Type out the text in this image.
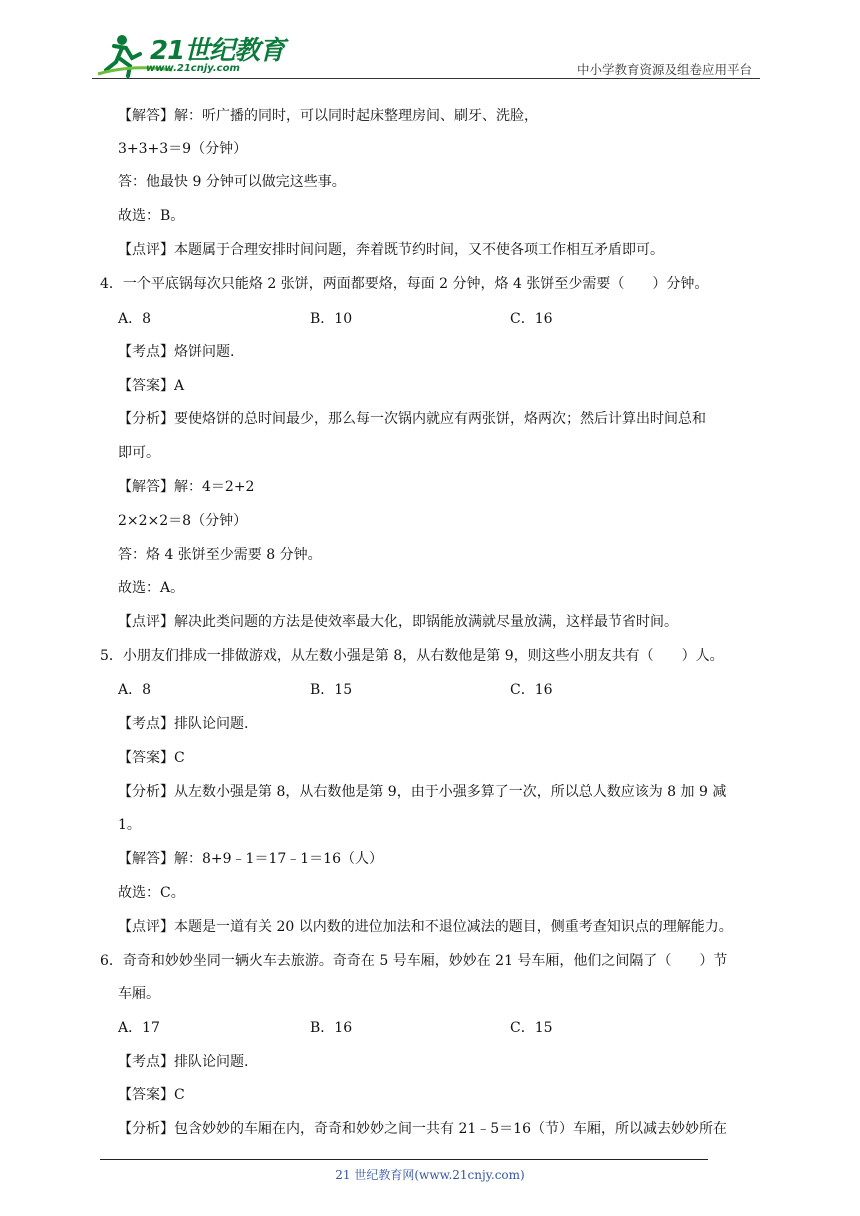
21世纪教育
www.21cnjy.com	中小学教育资源及组卷应用平台
【解答】解：听广播的同时，可以同时起床整理房间、刷牙、洗脸，
3+3+3＝9（分钟）
答：他最快 9 分钟可以做完这些事。
故选：B。
【点评】本题属于合理安排时间问题，奔着既节约时间，又不使各项工作相互矛盾即可。
4．一个平底锅每次只能烙 2 张饼，两面都要烙，每面 2 分钟，烙 4 张饼至少需要（　　）分钟。
A．8	B．10	C．16
【考点】烙饼问题.
【答案】A
【分析】要使烙饼的总时间最少，那么每一次锅内就应有两张饼，烙两次；然后计算出时间总和
即可。
【解答】解：4＝2+2
2×2×2＝8（分钟）
答：烙 4 张饼至少需要 8 分钟。
故选：A。
【点评】解决此类问题的方法是使效率最大化，即锅能放满就尽量放满，这样最节省时间。
5．小朋友们排成一排做游戏，从左数小强是第 8，从右数他是第 9，则这些小朋友共有（　　）人。
A．8	B．15	C．16
【考点】排队论问题.
【答案】C
【分析】从左数小强是第 8，从右数他是第 9，由于小强多算了一次，所以总人数应该为 8 加 9 减
1。
【解答】解：8+9﹣1＝17﹣1＝16（人）
故选：C。
【点评】本题是一道有关 20 以内数的进位加法和不退位减法的题目，侧重考查知识点的理解能力。
6．奇奇和妙妙坐同一辆火车去旅游。奇奇在 5 号车厢，妙妙在 21 号车厢，他们之间隔了（　　）节
车厢。
A．17	B．16	C．15
【考点】排队论问题.
【答案】C
【分析】包含妙妙的车厢在内，奇奇和妙妙之间一共有 21﹣5＝16（节）车厢，所以减去妙妙所在
21 世纪教育网(www.21cnjy.com)
